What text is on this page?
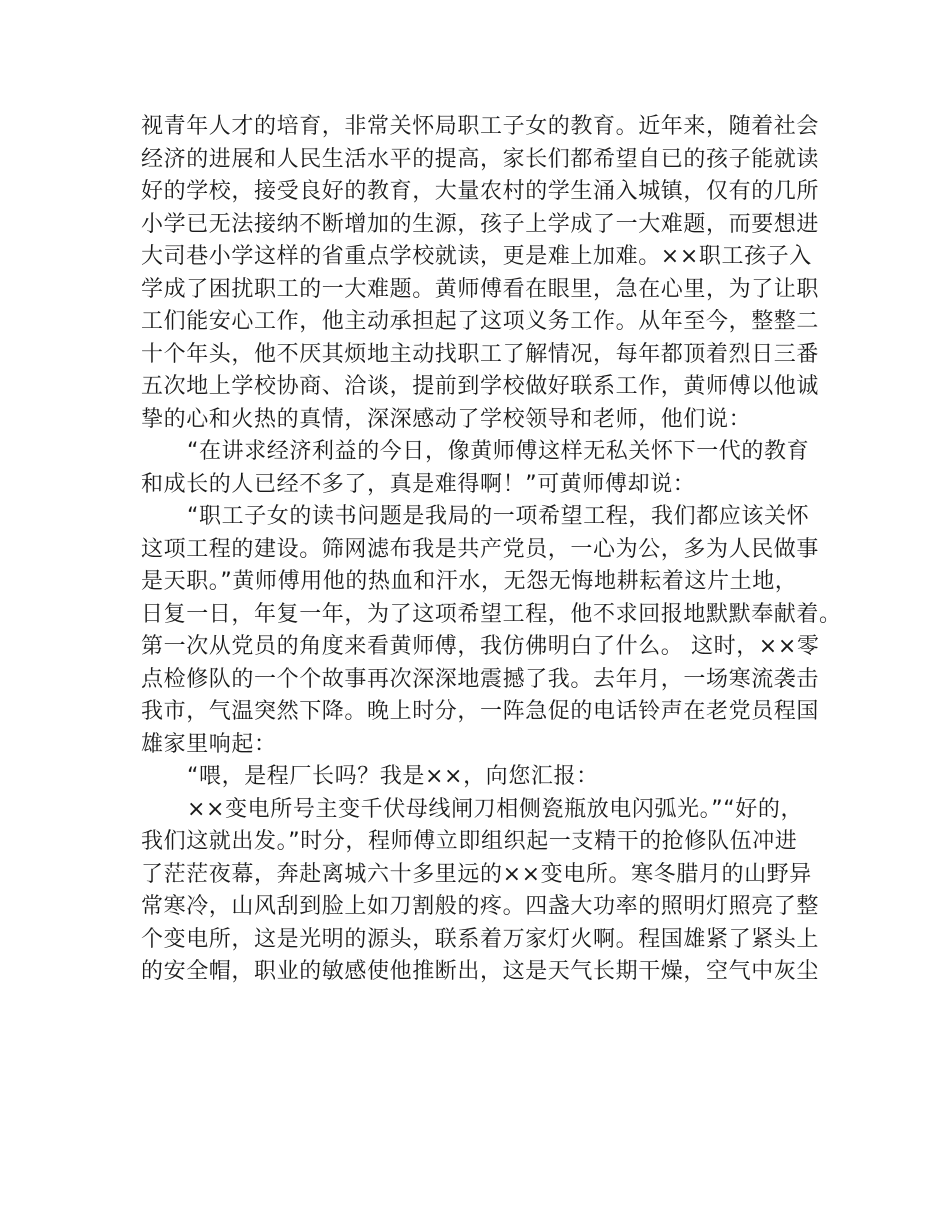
视青年人才的培育，非常关怀局职工子女的教育。近年来，随着社会
经济的进展和人民生活水平的提高，家长们都希望自已的孩子能就读
好的学校，接受良好的教育，大量农村的学生涌入城镇，仅有的几所
小学已无法接纳不断增加的生源，孩子上学成了一大难题，而要想进
大司巷小学这样的省重点学校就读，更是难上加难。××职工孩子入
学成了困扰职工的一大难题。黄师傅看在眼里，急在心里，为了让职
工们能安心工作，他主动承担起了这项义务工作。从年至今，整整二
十个年头，他不厌其烦地主动找职工了解情况，每年都顶着烈日三番
五次地上学校协商、洽谈，提前到学校做好联系工作，黄师傅以他诚
挚的心和火热的真情，深深感动了学校领导和老师，他们说：
“在讲求经济利益的今日，像黄师傅这样无私关怀下一代的教育
和成长的人已经不多了，真是难得啊！”可黄师傅却说：
“职工子女的读书问题是我局的一项希望工程，我们都应该关怀
这项工程的建设。筛网滤布我是共产党员，一心为公，多为人民做事
是天职。”黄师傅用他的热血和汗水，无怨无悔地耕耘着这片土地，
日复一日，年复一年，为了这项希望工程，他不求回报地默默奉献着。
第一次从党员的角度来看黄师傅，我仿佛明白了什么。 这时，××零
点检修队的一个个故事再次深深地震撼了我。去年月，一场寒流袭击
我市，气温突然下降。晚上时分，一阵急促的电话铃声在老党员程国
雄家里响起：
“喂，是程厂长吗？我是××，向您汇报：
××变电所号主变千伏母线闸刀相侧瓷瓶放电闪弧光。”“好的，
我们这就出发。”时分，程师傅立即组织起一支精干的抢修队伍冲进
了茫茫夜幕，奔赴离城六十多里远的××变电所。寒冬腊月的山野异
常寒冷，山风刮到脸上如刀割般的疼。四盏大功率的照明灯照亮了整
个变电所，这是光明的源头，联系着万家灯火啊。程国雄紧了紧头上
的安全帽，职业的敏感使他推断出，这是天气长期干燥，空气中灰尘
